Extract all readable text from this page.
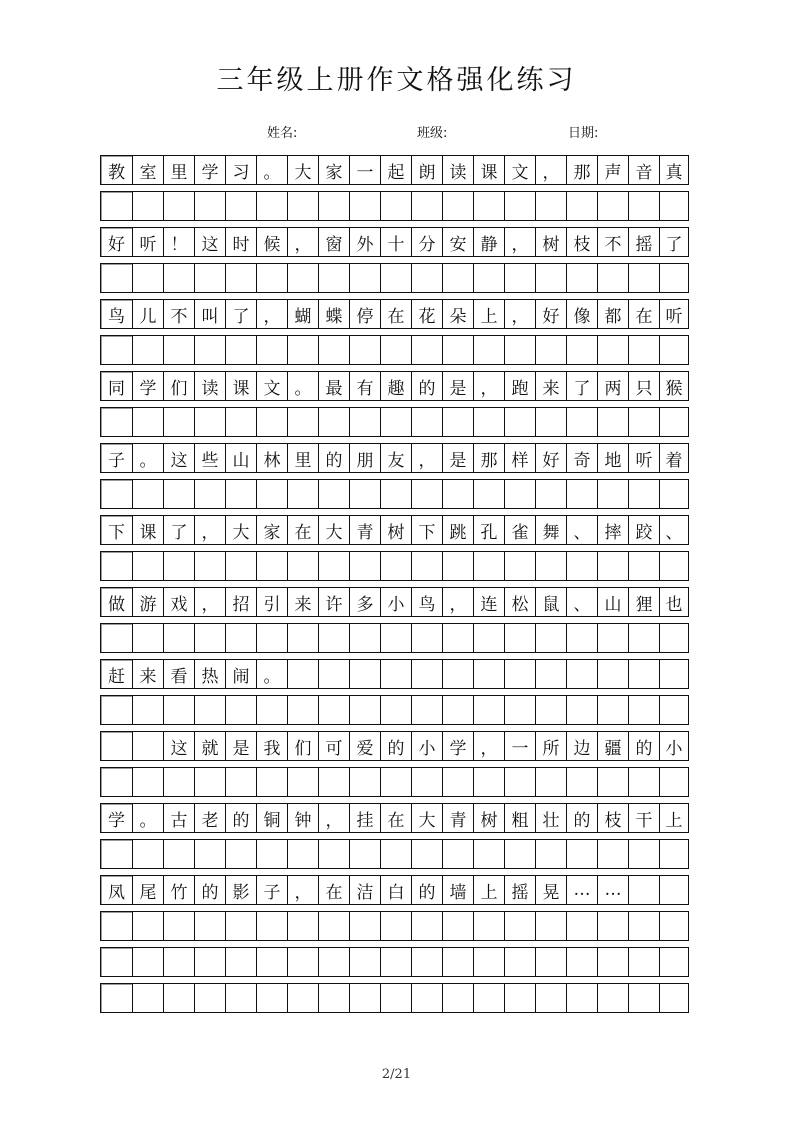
三年级上册作文格强化练习
姓名:	班级:	日期:
教 室 里 学 习 。 大 家 一 起 朗 读 课 文 ， 那 声 音 真
好 听 ！ 这 时 候 ， 窗 外 十 分 安 静 ， 树 枝 不 摇 了
鸟 儿 不 叫 了 ， 蝴 蝶 停 在 花 朵 上 ， 好 像 都 在 听
同 学 们 读 课 文 。 最 有 趣 的 是 ， 跑 来 了 两 只 猴
子 。 这 些 山 林 里 的 朋 友 ， 是 那 样 好 奇 地 听 着
下 课 了 ， 大 家 在 大 青 树 下 跳 孔 雀 舞 、 摔 跤 、
做 游 戏 ， 招 引 来 许 多 小 鸟 ， 连 松 鼠 、 山 狸 也
赶 来 看 热 闹 。
这 就 是 我 们 可 爱 的 小 学 ， 一 所 边 疆 的 小
学 。 古 老 的 铜 钟 ， 挂 在 大 青 树 粗 壮 的 枝 干 上
凤 尾 竹 的 影 子 ， 在 洁 白 的 墙 上 摇 晃 … …
2/21
